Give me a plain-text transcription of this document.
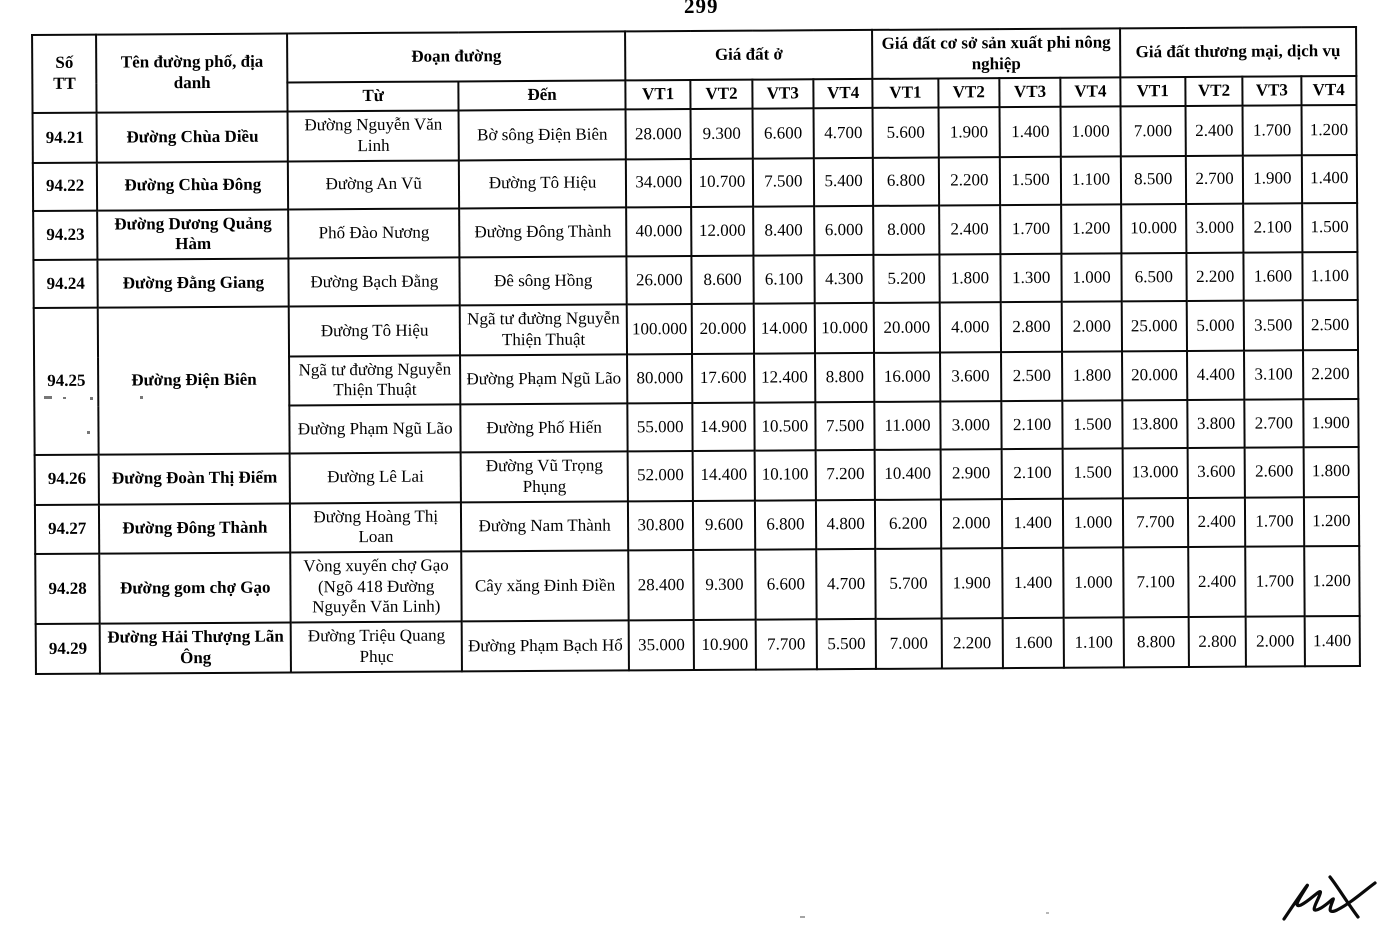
299
Số
TT	Tên đường phố, địa danh	Đoạn đường		Giá đất ở				Giá đất cơ sở sản xuất phi nông nghiệp				Giá đất thương mại, dịch vụ			
		Từ	Đến	VT1	VT2	VT3	VT4	VT1	VT2	VT3	VT4	VT1	VT2	VT3	VT4
94.21	Đường Chùa Diều	Đường Nguyễn Văn Linh	Bờ sông Điện Biên	28.000	9.300	6.600	4.700	5.600	1.900	1.400	1.000	7.000	2.400	1.700	1.200
94.22	Đường Chùa Đông	Đường An Vũ	Đường Tô Hiệu	34.000	10.700	7.500	5.400	6.800	2.200	1.500	1.100	8.500	2.700	1.900	1.400
94.23	Đường Dương Quảng Hàm	Phố Đào Nương	Đường Đông Thành	40.000	12.000	8.400	6.000	8.000	2.400	1.700	1.200	10.000	3.000	2.100	1.500
94.24	Đường Đằng Giang	Đường Bạch Đằng	Đê sông Hồng	26.000	8.600	6.100	4.300	5.200	1.800	1.300	1.000	6.500	2.200	1.600	1.100
94.25	Đường Điện Biên	Đường Tô Hiệu	Ngã tư đường Nguyễn Thiện Thuật	100.000	20.000	14.000	10.000	20.000	4.000	2.800	2.000	25.000	5.000	3.500	2.500
		Ngã tư đường Nguyễn Thiện Thuật	Đường Phạm Ngũ Lão	80.000	17.600	12.400	8.800	16.000	3.600	2.500	1.800	20.000	4.400	3.100	2.200
		Đường Phạm Ngũ Lão	Đường Phố Hiến	55.000	14.900	10.500	7.500	11.000	3.000	2.100	1.500	13.800	3.800	2.700	1.900
94.26	Đường Đoàn Thị Điểm	Đường Lê Lai	Đường Vũ Trọng Phụng	52.000	14.400	10.100	7.200	10.400	2.900	2.100	1.500	13.000	3.600	2.600	1.800
94.27	Đường Đông Thành	Đường Hoàng Thị Loan	Đường Nam Thành	30.800	9.600	6.800	4.800	6.200	2.000	1.400	1.000	7.700	2.400	1.700	1.200
94.28	Đường gom chợ Gạo	Vòng xuyến chợ Gạo (Ngõ 418 Đường Nguyễn Văn Linh)	Cây xăng Đinh Điền	28.400	9.300	6.600	4.700	5.700	1.900	1.400	1.000	7.100	2.400	1.700	1.200
94.29	Đường Hải Thượng Lãn Ông	Đường Triệu Quang Phục	Đường Phạm Bạch Hổ	35.000	10.900	7.700	5.500	7.000	2.200	1.600	1.100	8.800	2.800	2.000	1.400
